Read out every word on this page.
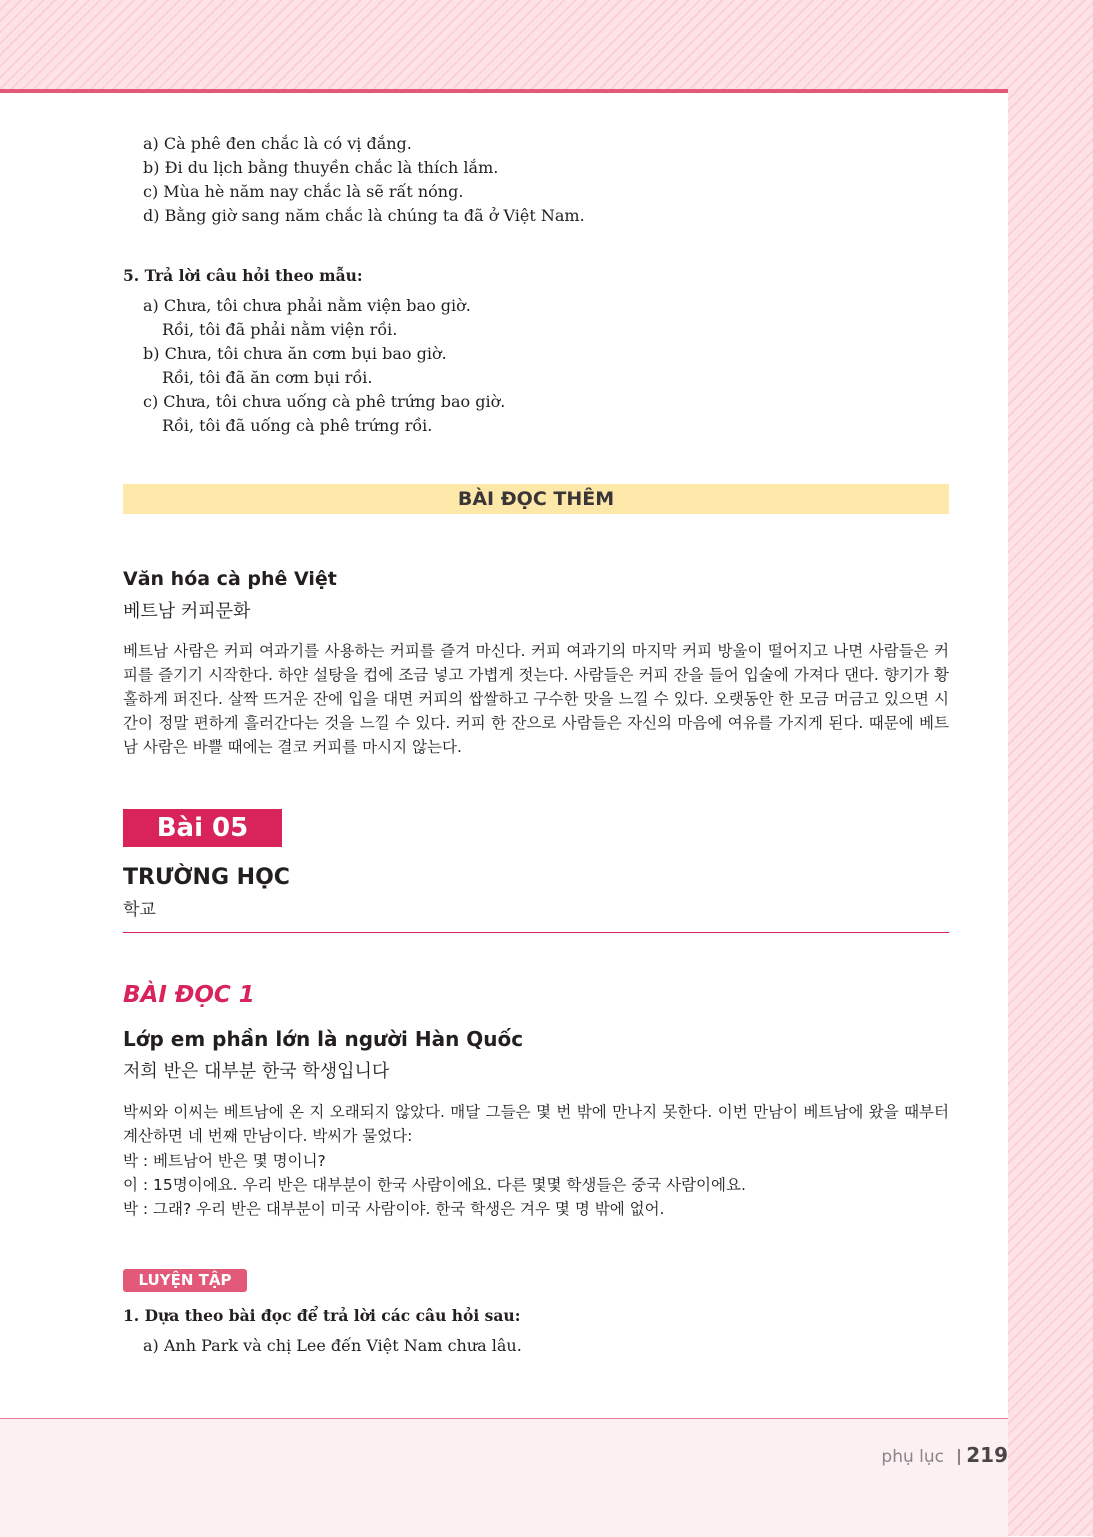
a) Cà phê đen chắc là có vị đắng.
b) Đi du lịch bằng thuyền chắc là thích lắm.
c) Mùa hè năm nay chắc là sẽ rất nóng.
d) Bằng giờ sang năm chắc là chúng ta đã ở Việt Nam.
5. Trả lời câu hỏi theo mẫu:
a) Chưa, tôi chưa phải nằm viện bao giờ.
Rồi, tôi đã phải nằm viện rồi.
b) Chưa, tôi chưa ăn cơm bụi bao giờ.
Rồi, tôi đã ăn cơm bụi rồi.
c) Chưa, tôi chưa uống cà phê trứng bao giờ.
Rồi, tôi đã uống cà phê trứng rồi.
BÀI ĐỌC THÊM
Văn hóa cà phê Việt
베트남 커피문화
베트남 사람은 커피 여과기를 사용하는 커피를 즐겨 마신다. 커피 여과기의 마지막 커피 방울이 떨어지고 나면 사람들은 커피를 즐기기 시작한다. 하얀 설탕을 컵에 조금 넣고 가볍게 젓는다. 사람들은 커피 잔을 들어 입술에 가져다 댄다. 향기가 황홀하게 퍼진다. 살짝 뜨거운 잔에 입을 대면 커피의 쌉쌀하고 구수한 맛을 느낄 수 있다. 오랫동안 한 모금 머금고 있으면 시간이 정말 편하게 흘러간다는 것을 느낄 수 있다. 커피 한 잔으로 사람들은 자신의 마음에 여유를 가지게 된다. 때문에 베트남 사람은 바쁠 때에는 결코 커피를 마시지 않는다.
Bài 05
TRƯỜNG HỌC
학교
BÀI ĐỌC 1
Lớp em phần lớn là người Hàn Quốc
저희 반은 대부분 한국 학생입니다
박씨와 이씨는 베트남에 온 지 오래되지 않았다. 매달 그들은 몇 번 밖에 만나지 못한다. 이번 만남이 베트남에 왔을 때부터 계산하면 네 번째 만남이다. 박씨가 물었다:
박 : 베트남어 반은 몇 명이니?
이 : 15명이에요. 우리 반은 대부분이 한국 사람이에요. 다른 몇몇 학생들은 중국 사람이에요.
박 : 그래? 우리 반은 대부분이 미국 사람이야. 한국 학생은 겨우 몇 명 밖에 없어.
LUYỆN TẬP
1. Dựa theo bài đọc để trả lời các câu hỏi sau:
a) Anh Park và chị Lee đến Việt Nam chưa lâu.
phụ lục 219
